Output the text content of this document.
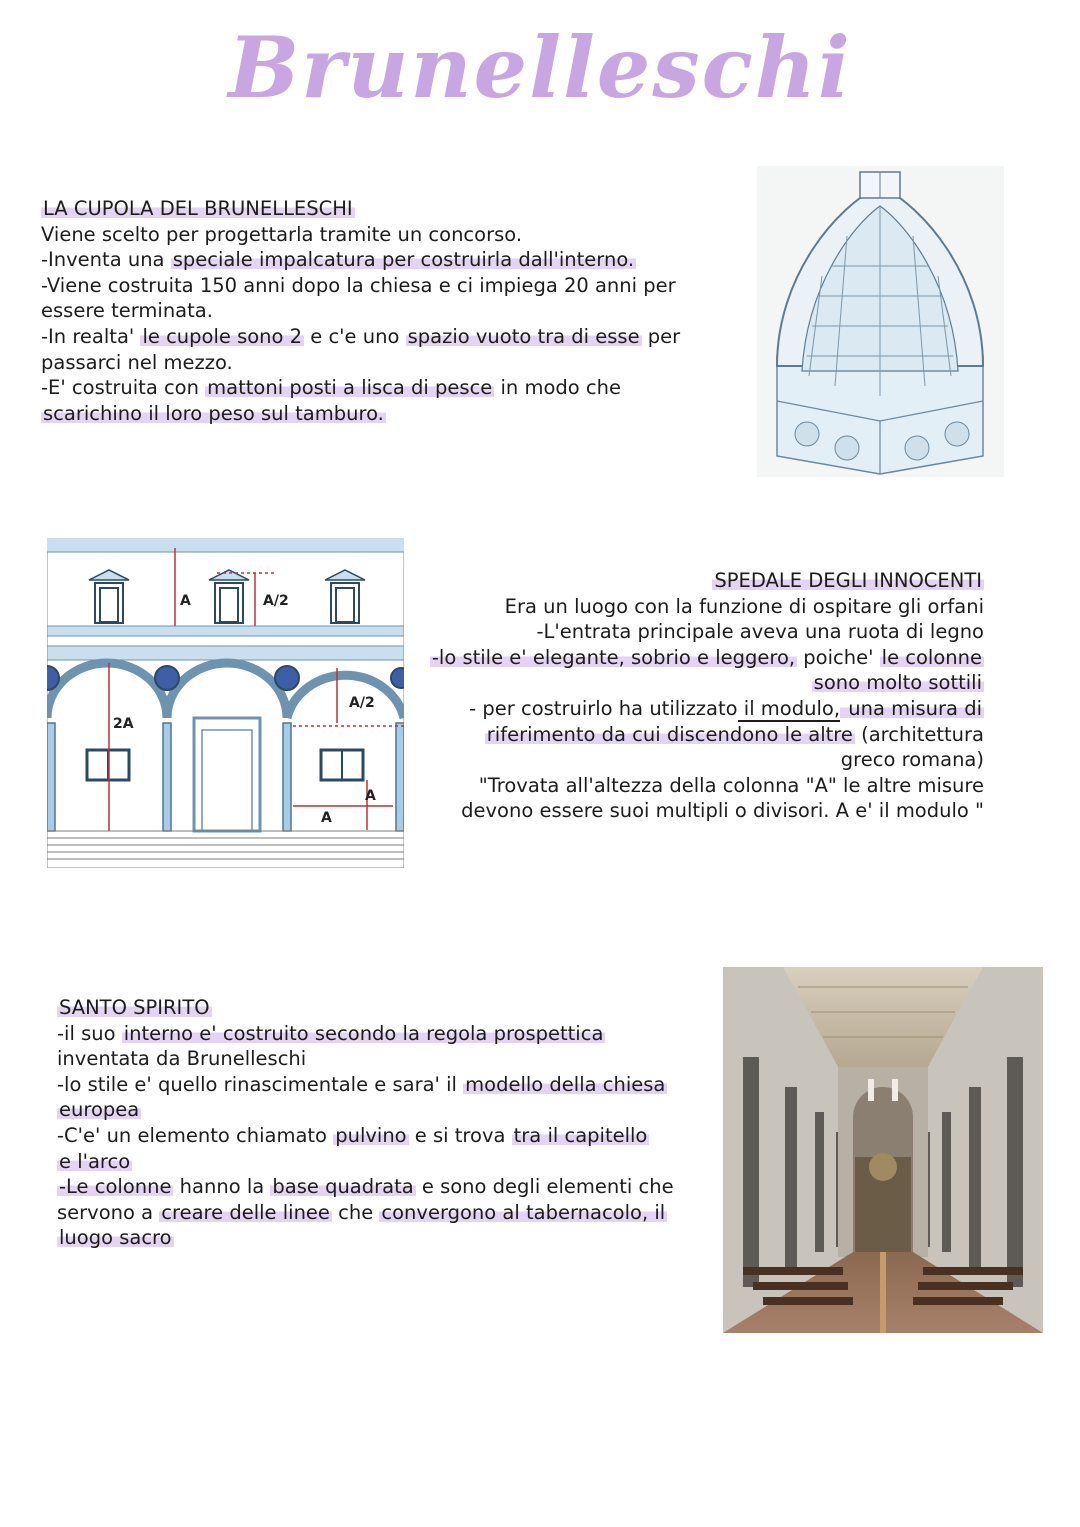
Brunelleschi

LA CUPOLA DEL BRUNELLESCHI

Viene scelto per progettarla tramite un concorso.

-Inventa una speciale impalcatura per costruirla dall'interno.

-Viene costruita 150 anni dopo la chiesa e ci impiega 20 anni per

essere terminata.

-In realta' le cupole sono 2 e c'e uno spazio vuoto tra di esse per

passarci nel mezzo.

-E' costruita con mattoni posti a lisca di pesce in modo che

scarichino il loro peso sul tamburo.

A	A/2
A/2
2A
A
A

SPEDALE DEGLI INNOCENTI

Era un luogo con la funzione di ospitare gli orfani

-L'entrata principale aveva una ruota di legno

-lo stile e' elegante, sobrio e leggero, poiche' le colonne

sono molto sottili

- per costruirlo ha utilizzato il modulo, una misura di

riferimento da cui discendono le altre (architettura

greco romana)

"Trovata all'altezza della colonna "A" le altre misure

devono essere suoi multipli o divisori. A e' il modulo "

SANTO SPIRITO

-il suo interno e' costruito secondo la regola prospettica

inventata da Brunelleschi

-lo stile e' quello rinascimentale e sara' il modello della chiesa

europea

-C'e' un elemento chiamato pulvino e si trova tra il capitello

e l'arco

-Le colonne hanno la base quadrata e sono degli elementi che

servono a creare delle linee che convergono al tabernacolo, il

luogo sacro
